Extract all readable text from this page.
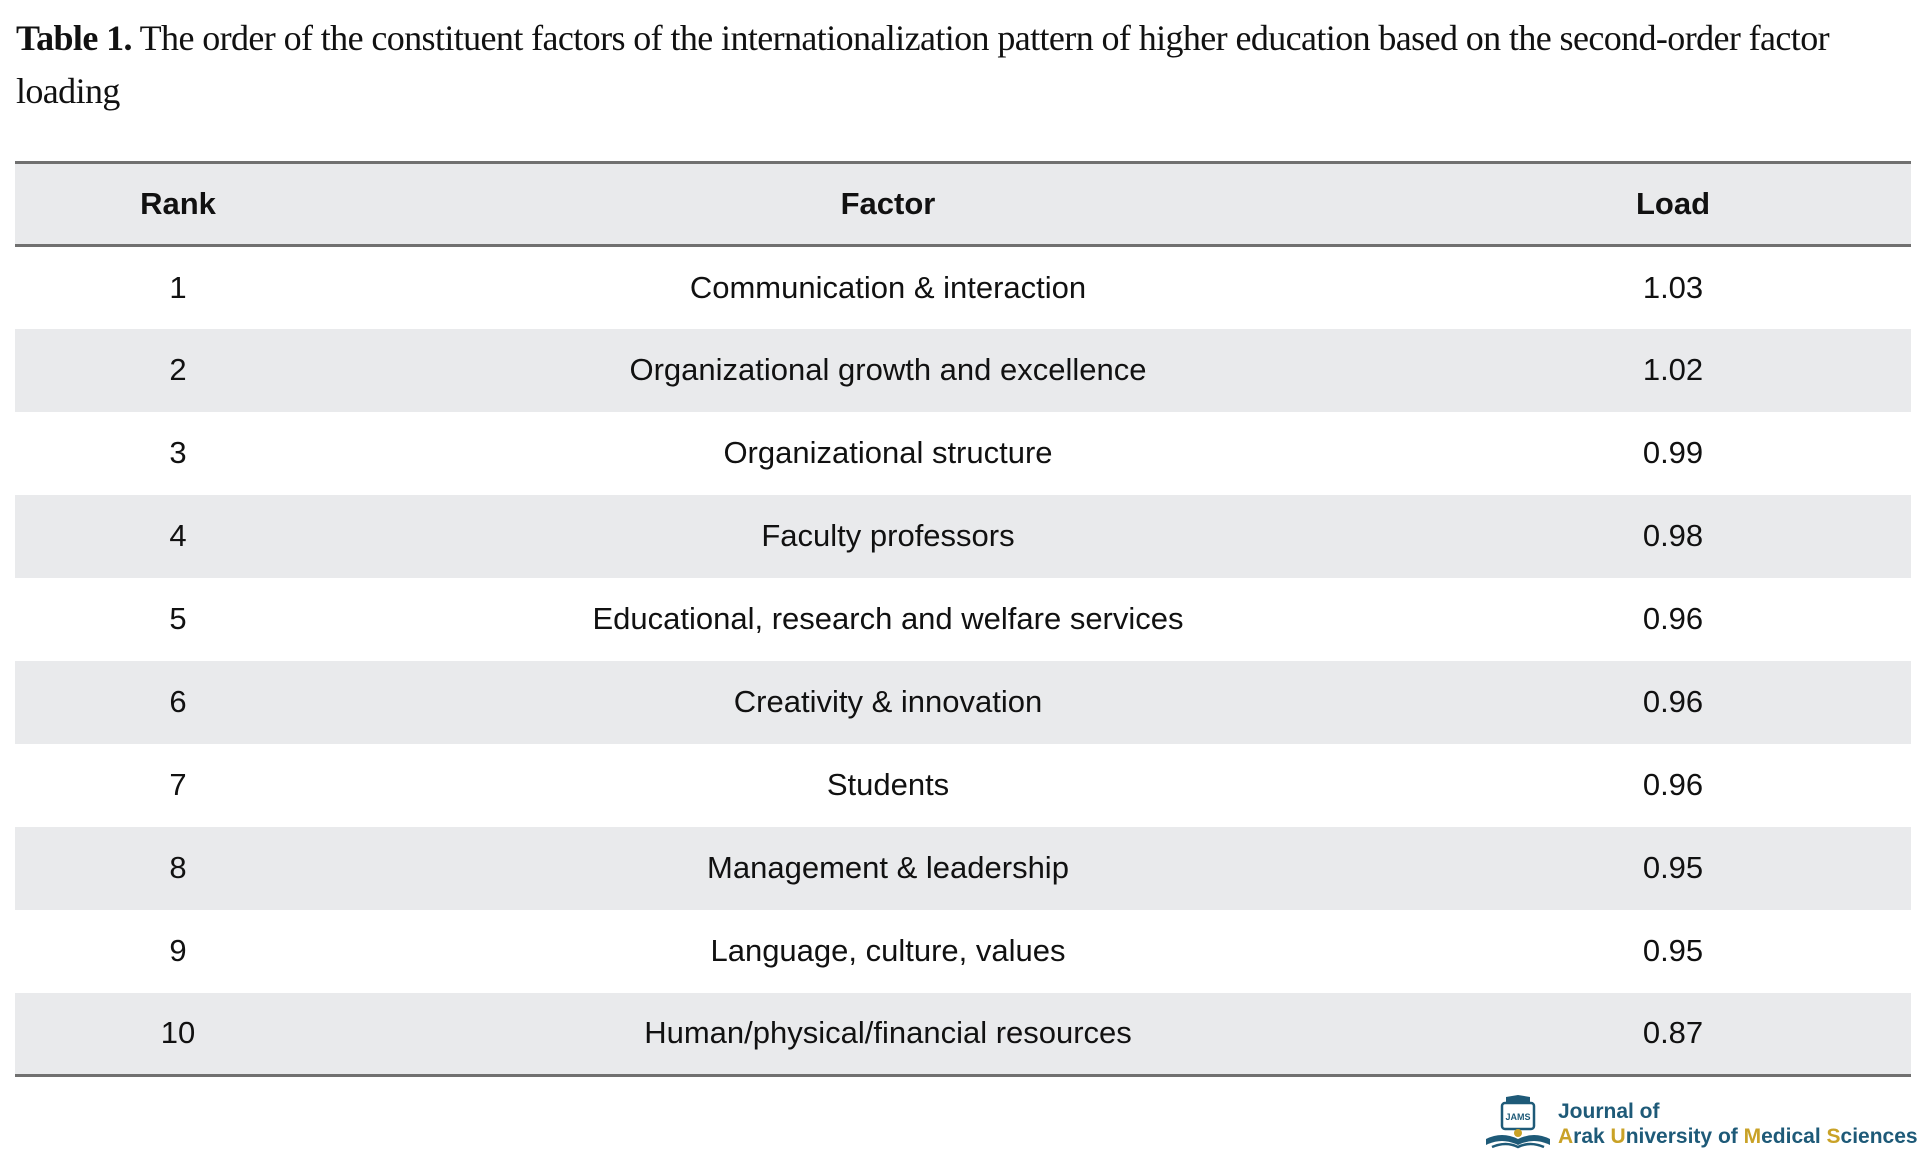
Table 1. The order of the constituent factors of the internationalization pattern of higher education based on the second-order factor loading
Rank	Factor	Load
1	Communication & interaction	1.03
2	Organizational growth and excellence	1.02
3	Organizational structure	0.99
4	Faculty professors	0.98
5	Educational, research and welfare services	0.96
6	Creativity & innovation	0.96
7	Students	0.96
8	Management & leadership	0.95
9	Language, culture, values	0.95
10	Human/physical/financial resources	0.87
JAMS Journal of
Arak University of Medical Sciences
